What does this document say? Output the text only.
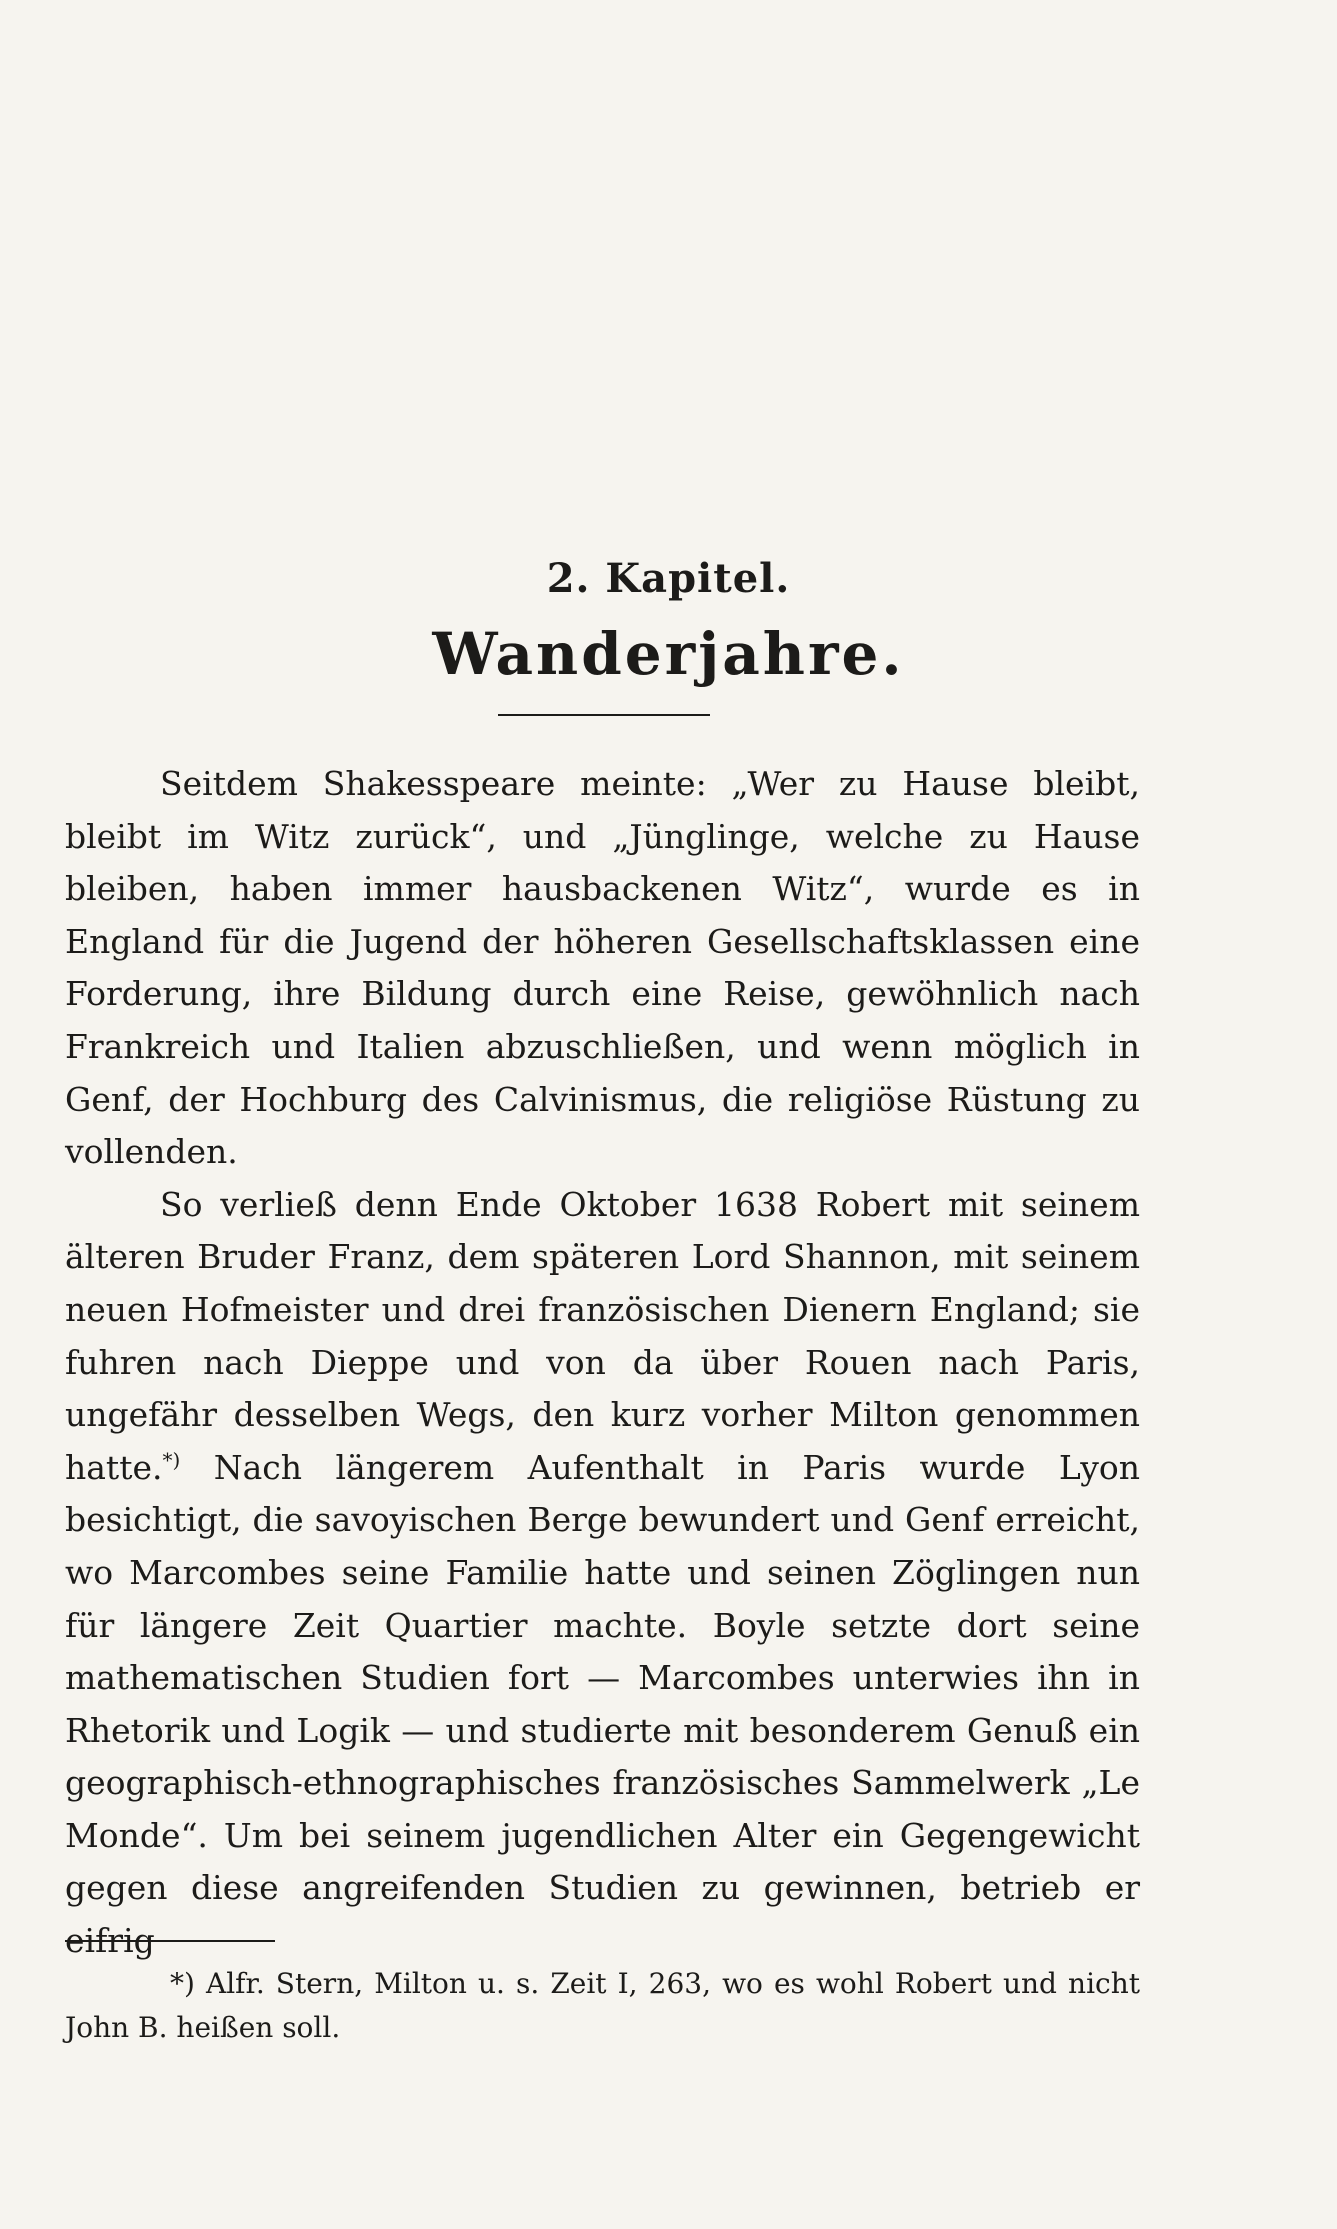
2. Kapitel.
Wanderjahre.

Seitdem Shakesspeare meinte: „Wer zu Hause bleibt, bleibt im Witz zurück“, und „Jünglinge, welche zu Hause bleiben, haben immer hausbackenen Witz“, wurde es in England für die Jugend der höheren Gesellschaftsklassen eine Forderung, ihre Bildung durch eine Reise, gewöhnlich nach Frankreich und Italien abzuschließen, und wenn möglich in Genf, der Hochburg des Calvinismus, die religiöse Rüstung zu vollenden.

So verließ denn Ende Oktober 1638 Robert mit seinem älteren Bruder Franz, dem späteren Lord Shannon, mit seinem neuen Hofmeister und drei französischen Dienern England; sie fuhren nach Dieppe und von da über Rouen nach Paris, ungefähr desselben Wegs, den kurz vorher Milton genommen hatte.*) Nach längerem Aufenthalt in Paris wurde Lyon besichtigt, die savoyischen Berge bewundert und Genf erreicht, wo Marcombes seine Familie hatte und seinen Zöglingen nun für längere Zeit Quartier machte. Boyle setzte dort seine mathematischen Studien fort — Marcombes unterwies ihn in Rhetorik und Logik — und studierte mit besonderem Genuß ein geographisch-ethnographisches französisches Sammelwerk „Le Monde“. Um bei seinem jugendlichen Alter ein Gegengewicht gegen diese angreifenden Studien zu gewinnen, betrieb er eifrig

*) Alfr. Stern, Milton u. s. Zeit I, 263, wo es wohl Robert und nicht John B. heißen soll.
